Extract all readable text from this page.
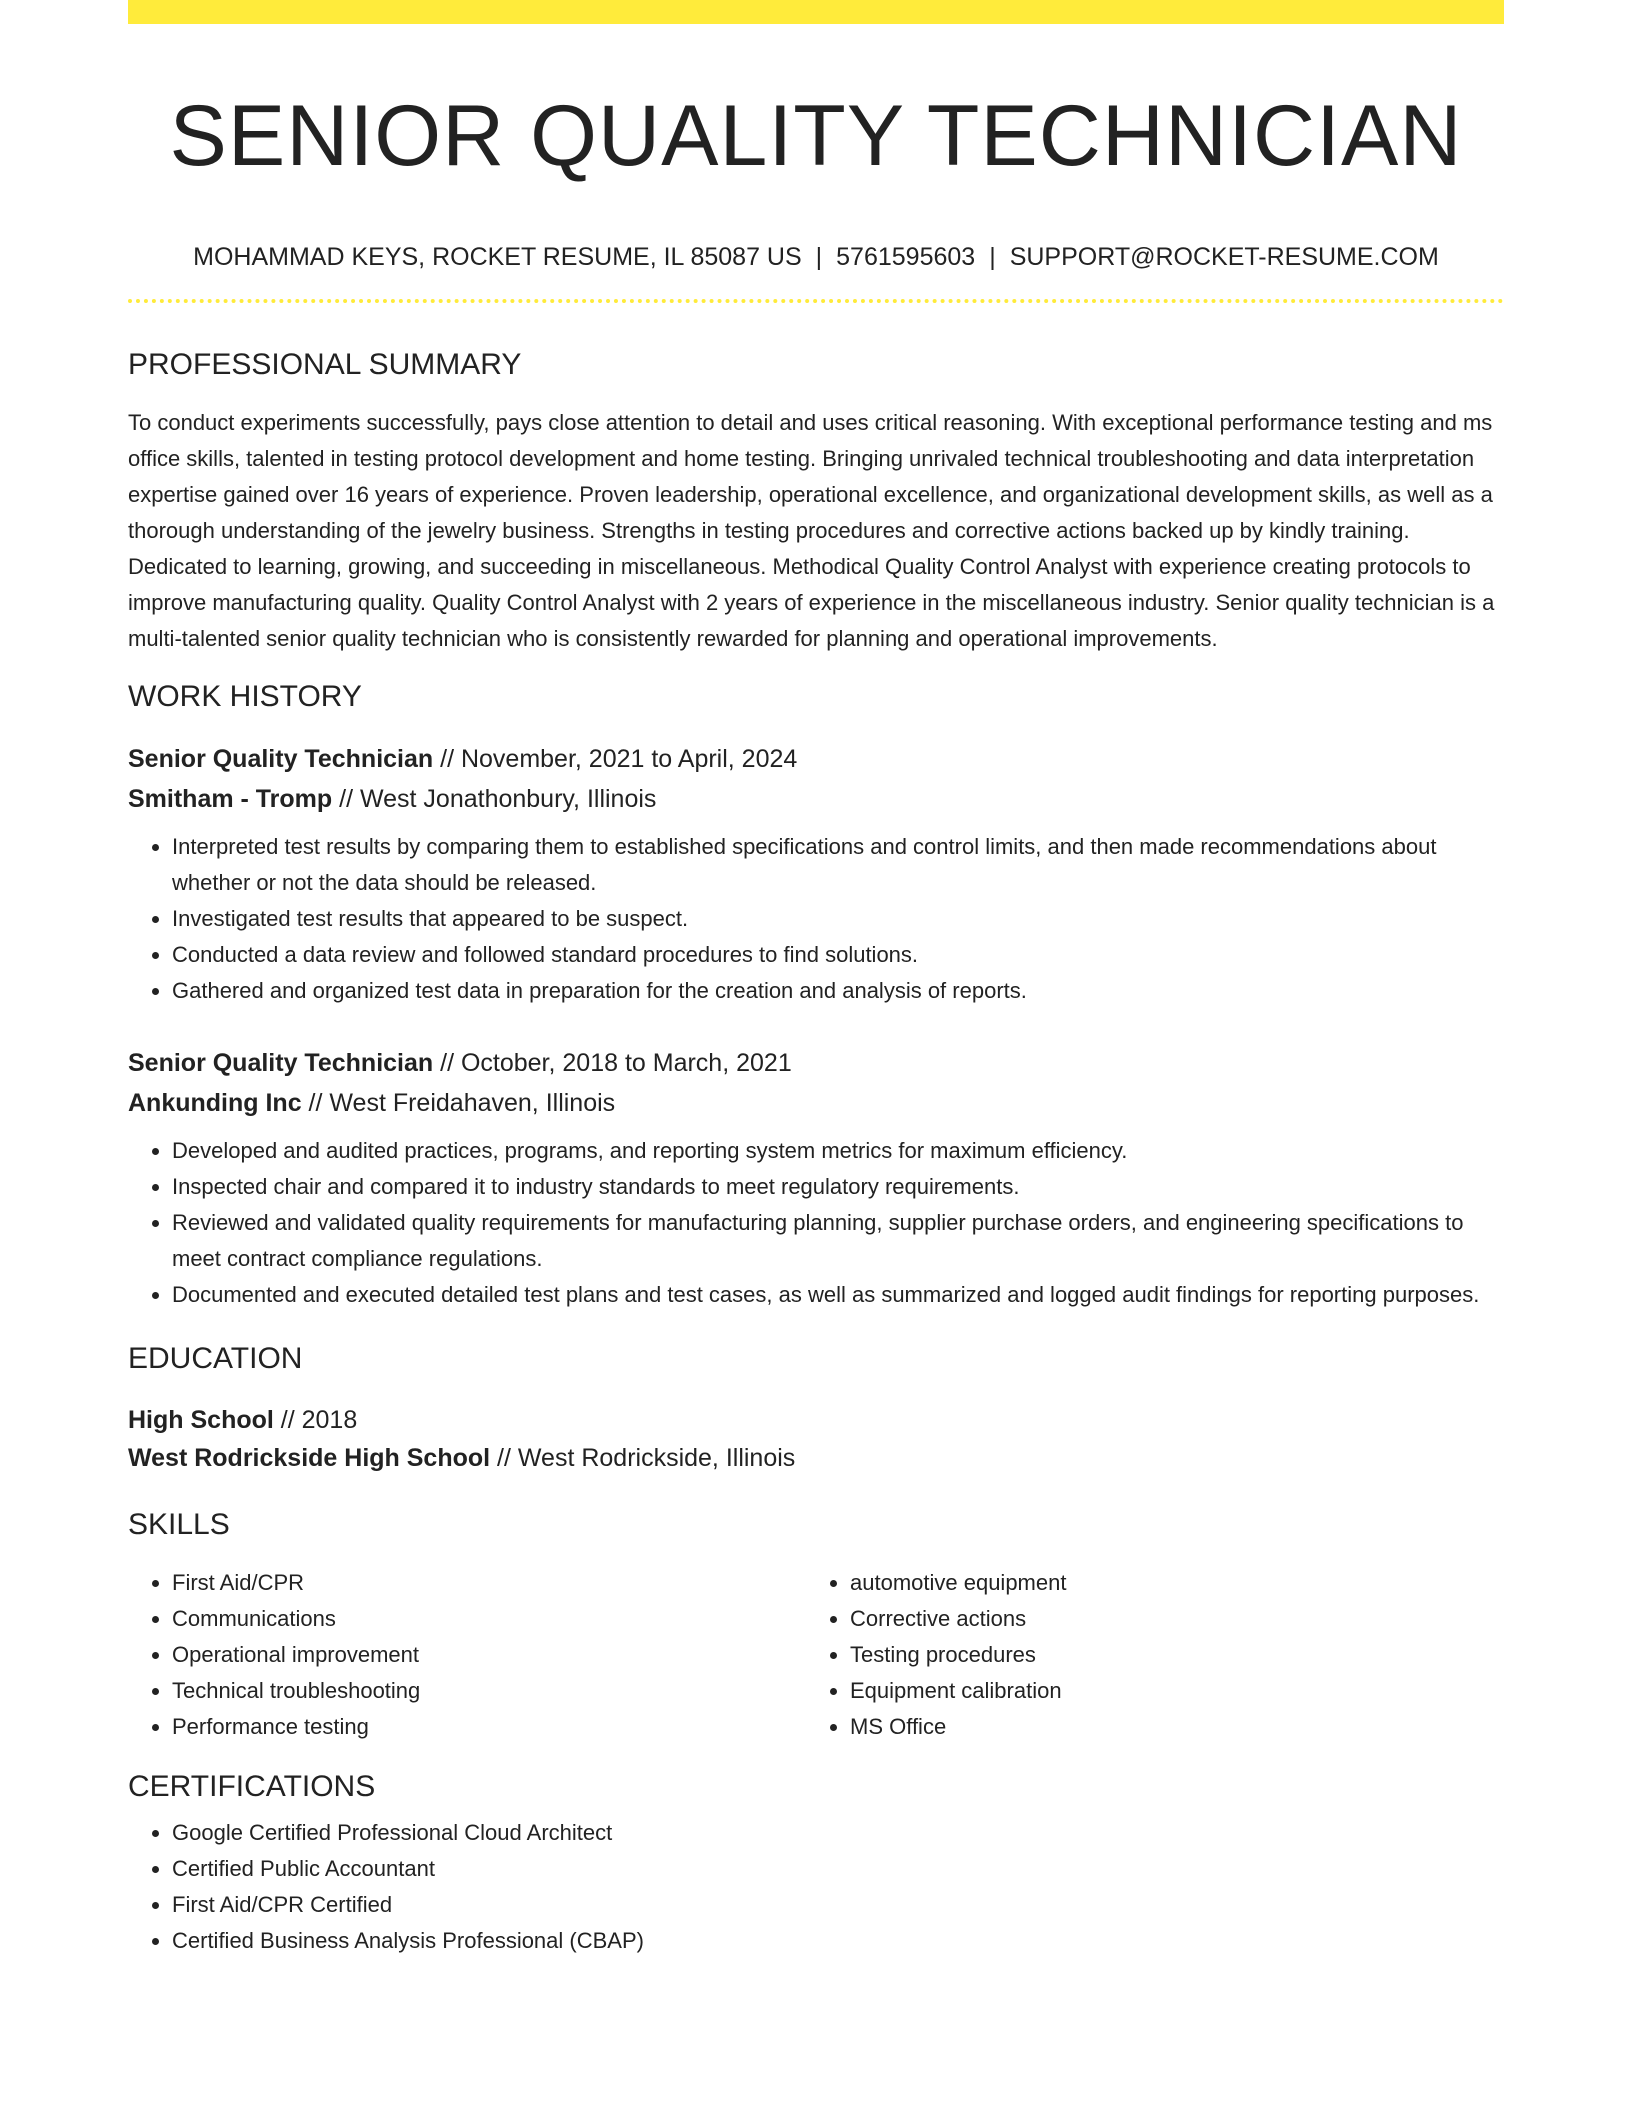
SENIOR QUALITY TECHNICIAN
MOHAMMAD KEYS, ROCKET RESUME, IL 85087 US | 5761595603 | SUPPORT@ROCKET-RESUME.COM
PROFESSIONAL SUMMARY
To conduct experiments successfully, pays close attention to detail and uses critical reasoning. With exceptional performance testing and ms office skills, talented in testing protocol development and home testing. Bringing unrivaled technical troubleshooting and data interpretation expertise gained over 16 years of experience. Proven leadership, operational excellence, and organizational development skills, as well as a thorough understanding of the jewelry business. Strengths in testing procedures and corrective actions backed up by kindly training. Dedicated to learning, growing, and succeeding in miscellaneous. Methodical Quality Control Analyst with experience creating protocols to improve manufacturing quality. Quality Control Analyst with 2 years of experience in the miscellaneous industry. Senior quality technician is a multi-talented senior quality technician who is consistently rewarded for planning and operational improvements.
WORK HISTORY
Senior Quality Technician // November, 2021 to April, 2024
Smitham - Tromp // West Jonathonbury, Illinois
• Interpreted test results by comparing them to established specifications and control limits, and then made recommendations about whether or not the data should be released.
• Investigated test results that appeared to be suspect.
• Conducted a data review and followed standard procedures to find solutions.
• Gathered and organized test data in preparation for the creation and analysis of reports.
Senior Quality Technician // October, 2018 to March, 2021
Ankunding Inc // West Freidahaven, Illinois
• Developed and audited practices, programs, and reporting system metrics for maximum efficiency.
• Inspected chair and compared it to industry standards to meet regulatory requirements.
• Reviewed and validated quality requirements for manufacturing planning, supplier purchase orders, and engineering specifications to meet contract compliance regulations.
• Documented and executed detailed test plans and test cases, as well as summarized and logged audit findings for reporting purposes.
EDUCATION
High School // 2018
West Rodrickside High School // West Rodrickside, Illinois
SKILLS
• First Aid/CPR
• Communications
• Operational improvement
• Technical troubleshooting
• Performance testing
• automotive equipment
• Corrective actions
• Testing procedures
• Equipment calibration
• MS Office
CERTIFICATIONS
• Google Certified Professional Cloud Architect
• Certified Public Accountant
• First Aid/CPR Certified
• Certified Business Analysis Professional (CBAP)
